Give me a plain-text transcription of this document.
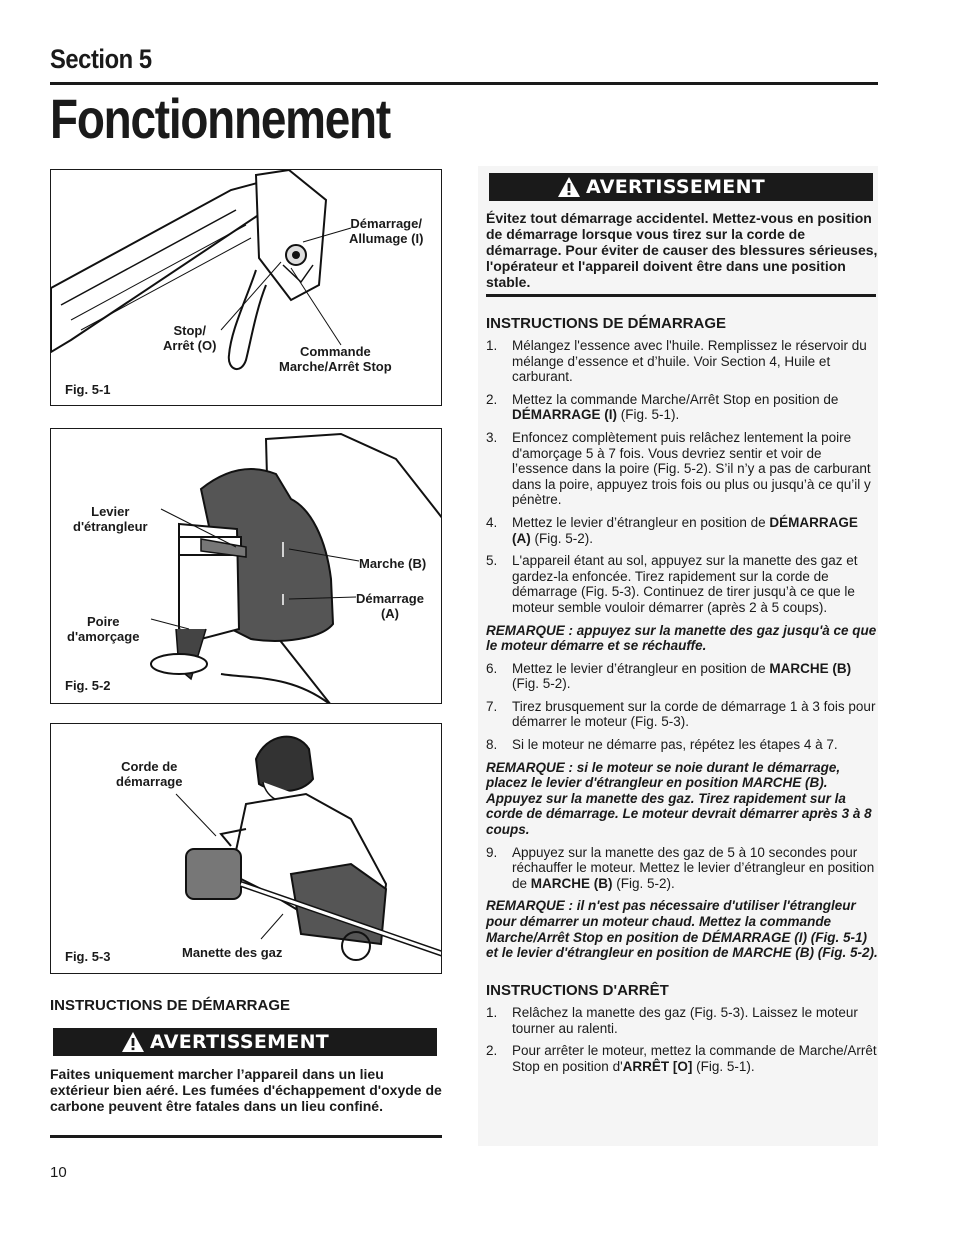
Section 5
Fonctionnement
Démarrage/
Allumage (I)
Stop/
Arrêt (O)	Commande
Marche/Arrêt Stop
Fig. 5-1
Levier
d'étrangleur
Marche (B)
Démarrage
(A)
Poire
d'amorçage
Fig. 5-2
Corde de
démarrage
Manette des gaz
Fig. 5-3
INSTRUCTIONS DE DÉMARRAGE
AVERTISSEMENT
Faites uniquement marcher l’appareil dans un lieu extérieur bien aéré. Les fumées d'échappement d'oxyde de carbone peuvent être fatales dans un lieu confiné.
AVERTISSEMENT
Évitez tout démarrage accidentel. Mettez-vous en position de démarrage lorsque vous tirez sur la corde de démarrage. Pour éviter de causer des blessures sérieuses, l'opérateur et l'appareil doivent être dans une position stable.
INSTRUCTIONS DE DÉMARRAGE
1.	Mélangez l'essence avec l'huile. Remplissez le réservoir du mélange d’essence et d’huile. Voir Section 4, Huile et carburant.
2.	Mettez la commande Marche/Arrêt Stop en position de DÉMARRAGE (I) (Fig. 5-1).
3.	Enfoncez complètement puis relâchez lentement la poire d'amorçage 5 à 7 fois. Vous devriez sentir et voir de l’essence dans la poire (Fig. 5-2). S’il n’y a pas de carburant dans la poire, appuyez trois fois ou plus ou jusqu’à ce qu’il y pénètre.
4.	Mettez le levier d’étrangleur en position de DÉMARRAGE (A) (Fig. 5-2).
5.	L'appareil étant au sol, appuyez sur la manette des gaz et gardez-la enfoncée. Tirez rapidement sur la corde de démarrage (Fig. 5-3). Continuez de tirer jusqu’à ce que le moteur semble vouloir démarrer (après 2 à 5 coups).
REMARQUE : appuyez sur la manette des gaz jusqu'à ce que le moteur démarre et se réchauffe.
6.	Mettez le levier d’étrangleur en position de MARCHE (B) (Fig. 5-2).
7.	Tirez brusquement sur la corde de démarrage 1 à 3 fois pour démarrer le moteur (Fig. 5-3).
8.	Si le moteur ne démarre pas, répétez les étapes 4 à 7.
REMARQUE : si le moteur se noie durant le démarrage, placez le levier d'étrangleur en position MARCHE (B). Appuyez sur la manette des gaz. Tirez rapidement sur la corde de démarrage. Le moteur devrait démarrer après 3 à 8 coups.
9.	Appuyez sur la manette des gaz de 5 à 10 secondes pour réchauffer le moteur. Mettez le levier d’étrangleur en position de MARCHE (B) (Fig. 5-2).
REMARQUE : il n'est pas nécessaire d'utiliser l'étrangleur pour démarrer un moteur chaud. Mettez la commande Marche/Arrêt Stop en position de DÉMARRAGE (I) (Fig. 5-1) et le levier d'étrangleur en position de MARCHE (B) (Fig. 5-2).
INSTRUCTIONS D'ARRÊT
1.	Relâchez la manette des gaz (Fig. 5-3). Laissez le moteur tourner au ralenti.
2.	Pour arrêter le moteur, mettez la commande de Marche/Arrêt Stop en position d'ARRÊT [O] (Fig. 5-1).
10
